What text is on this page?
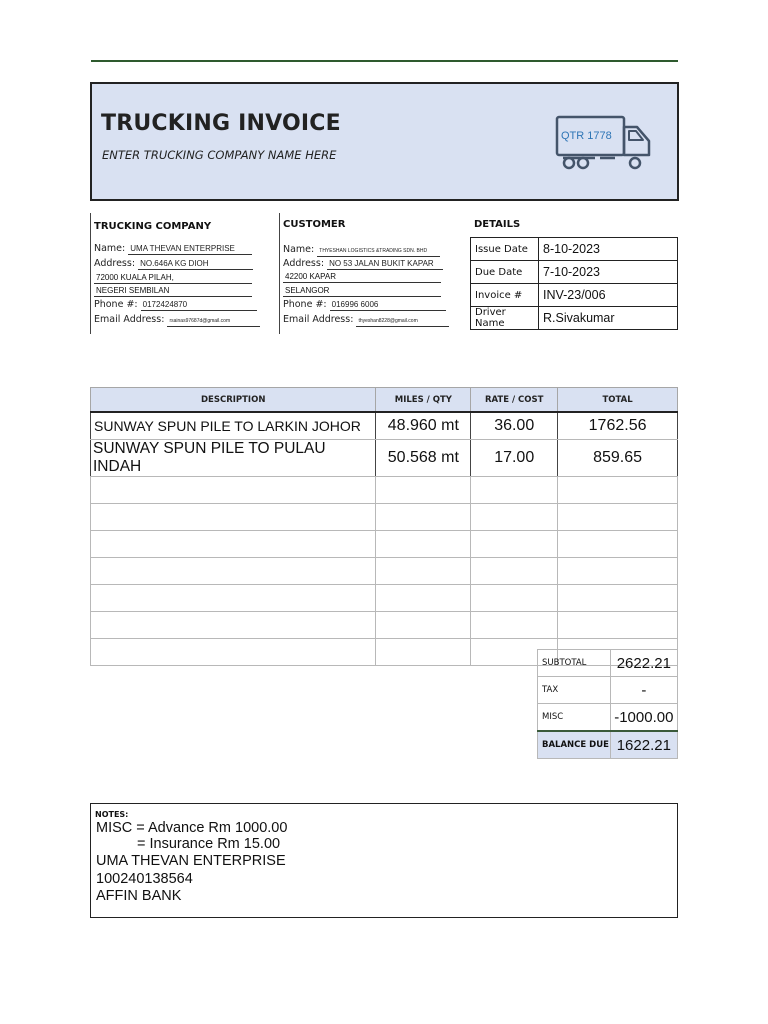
TRUCKING INVOICE
ENTER TRUCKING COMPANY NAME HERE
QTR 1778
TRUCKING COMPANY
Name: UMA THEVAN ENTERPRISE
Address: NO.646A KG DIOH
72000 KUALA PILAH,
NEGERI SEMBILAN
Phone #: 0172424870
Email Address: rsainas97687d@gmail.com
CUSTOMER
Name: THYESHAN LOGISTICS &TRADING SDN. BHD
Address: NO 53 JALAN BUKIT KAPAR
42200 KAPAR
SELANGOR
Phone #: 016996 6006
Email Address: thyeshan8228@gmail.com
DETAILS
Issue Date	8-10-2023
Due Date	7-10-2023
Invoice #	INV-23/006
Driver Name	R.Sivakumar
DESCRIPTION	MILES / QTY	RATE / COST	TOTAL
SUNWAY SPUN PILE TO LARKIN JOHOR	48.960 mt	36.00	1762.56
SUNWAY SPUN PILE TO PULAU INDAH	50.568 mt	17.00	859.65

SUBTOTAL	2622.21
TAX	-
MISC	-1000.00
BALANCE DUE	1622.21
NOTES:
MISC = Advance Rm 1000.00
= Insurance Rm 15.00
UMA THEVAN ENTERPRISE
100240138564
AFFIN BANK
